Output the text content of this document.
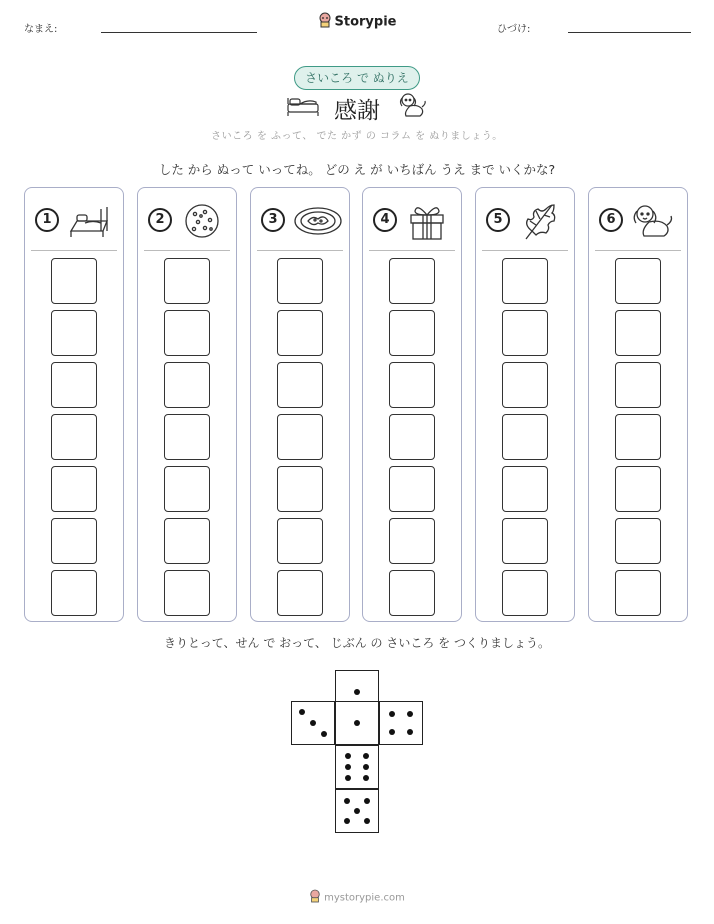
なまえ:	Storypie	ひづけ:
さいころ で ぬりえ
感謝
さいころ を ふって、 でた かず の コラム を ぬりましょう。
した から ぬって いってね。 どの え が いちばん うえ まで いくかな?
1	2	3	4	5	6
きりとって、せん で おって、 じぶん の さいころ を つくりましょう。
mystorypie.com
